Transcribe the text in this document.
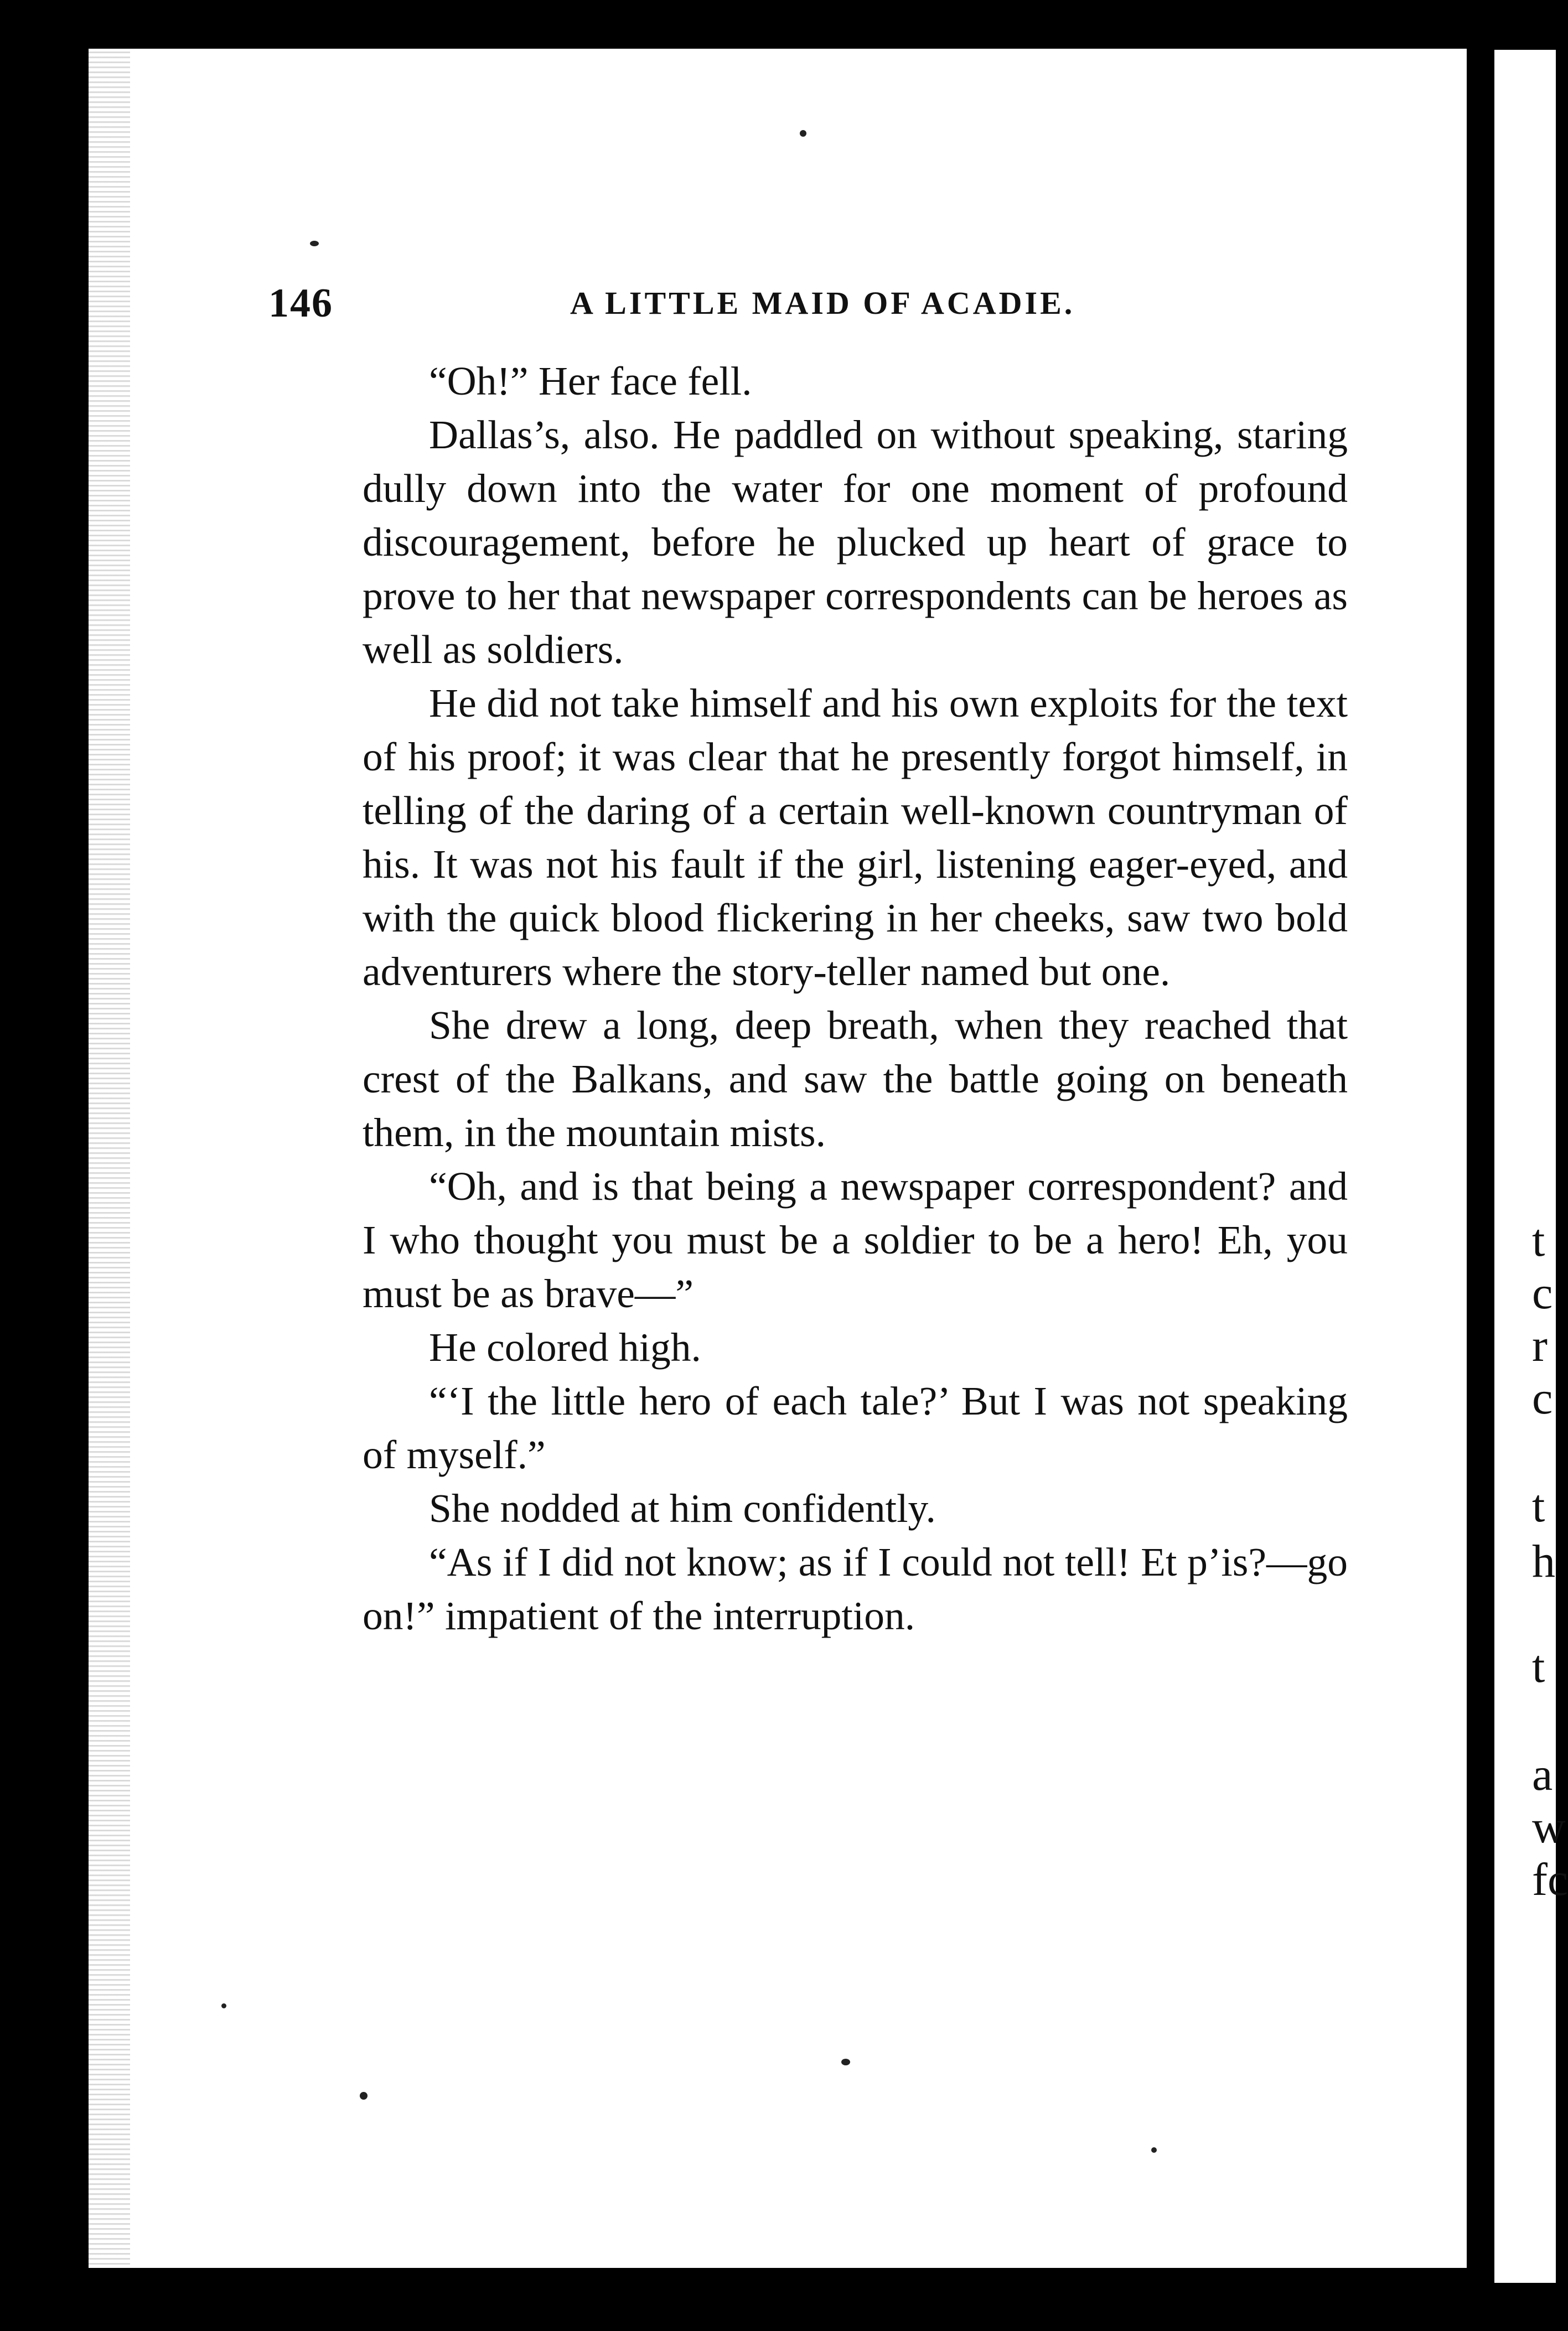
t
c
r
c
t
h
t
a
w
fc
146	A LITTLE MAID OF ACADIE.

“Oh!” Her face fell.

Dallas’s, also. He paddled on without speaking, staring dully down into the water for one moment of profound discouragement, before he plucked up heart of grace to prove to her that newspaper correspondents can be heroes as well as soldiers.

He did not take himself and his own exploits for the text of his proof; it was clear that he presently forgot himself, in telling of the daring of a certain well-known countryman of his. It was not his fault if the girl, listening eager-eyed, and with the quick blood flickering in her cheeks, saw two bold adventurers where the story-teller named but one.

She drew a long, deep breath, when they reached that crest of the Balkans, and saw the battle going on beneath them, in the mountain mists.

“Oh, and is that being a newspaper correspondent? and I who thought you must be a soldier to be a hero! Eh, you must be as brave—”

He colored high.

“‘I the little hero of each tale?’ But I was not speaking of myself.”

She nodded at him confidently.

“As if I did not know; as if I could not tell! Et p’is?—go on!” impatient of the interruption.
